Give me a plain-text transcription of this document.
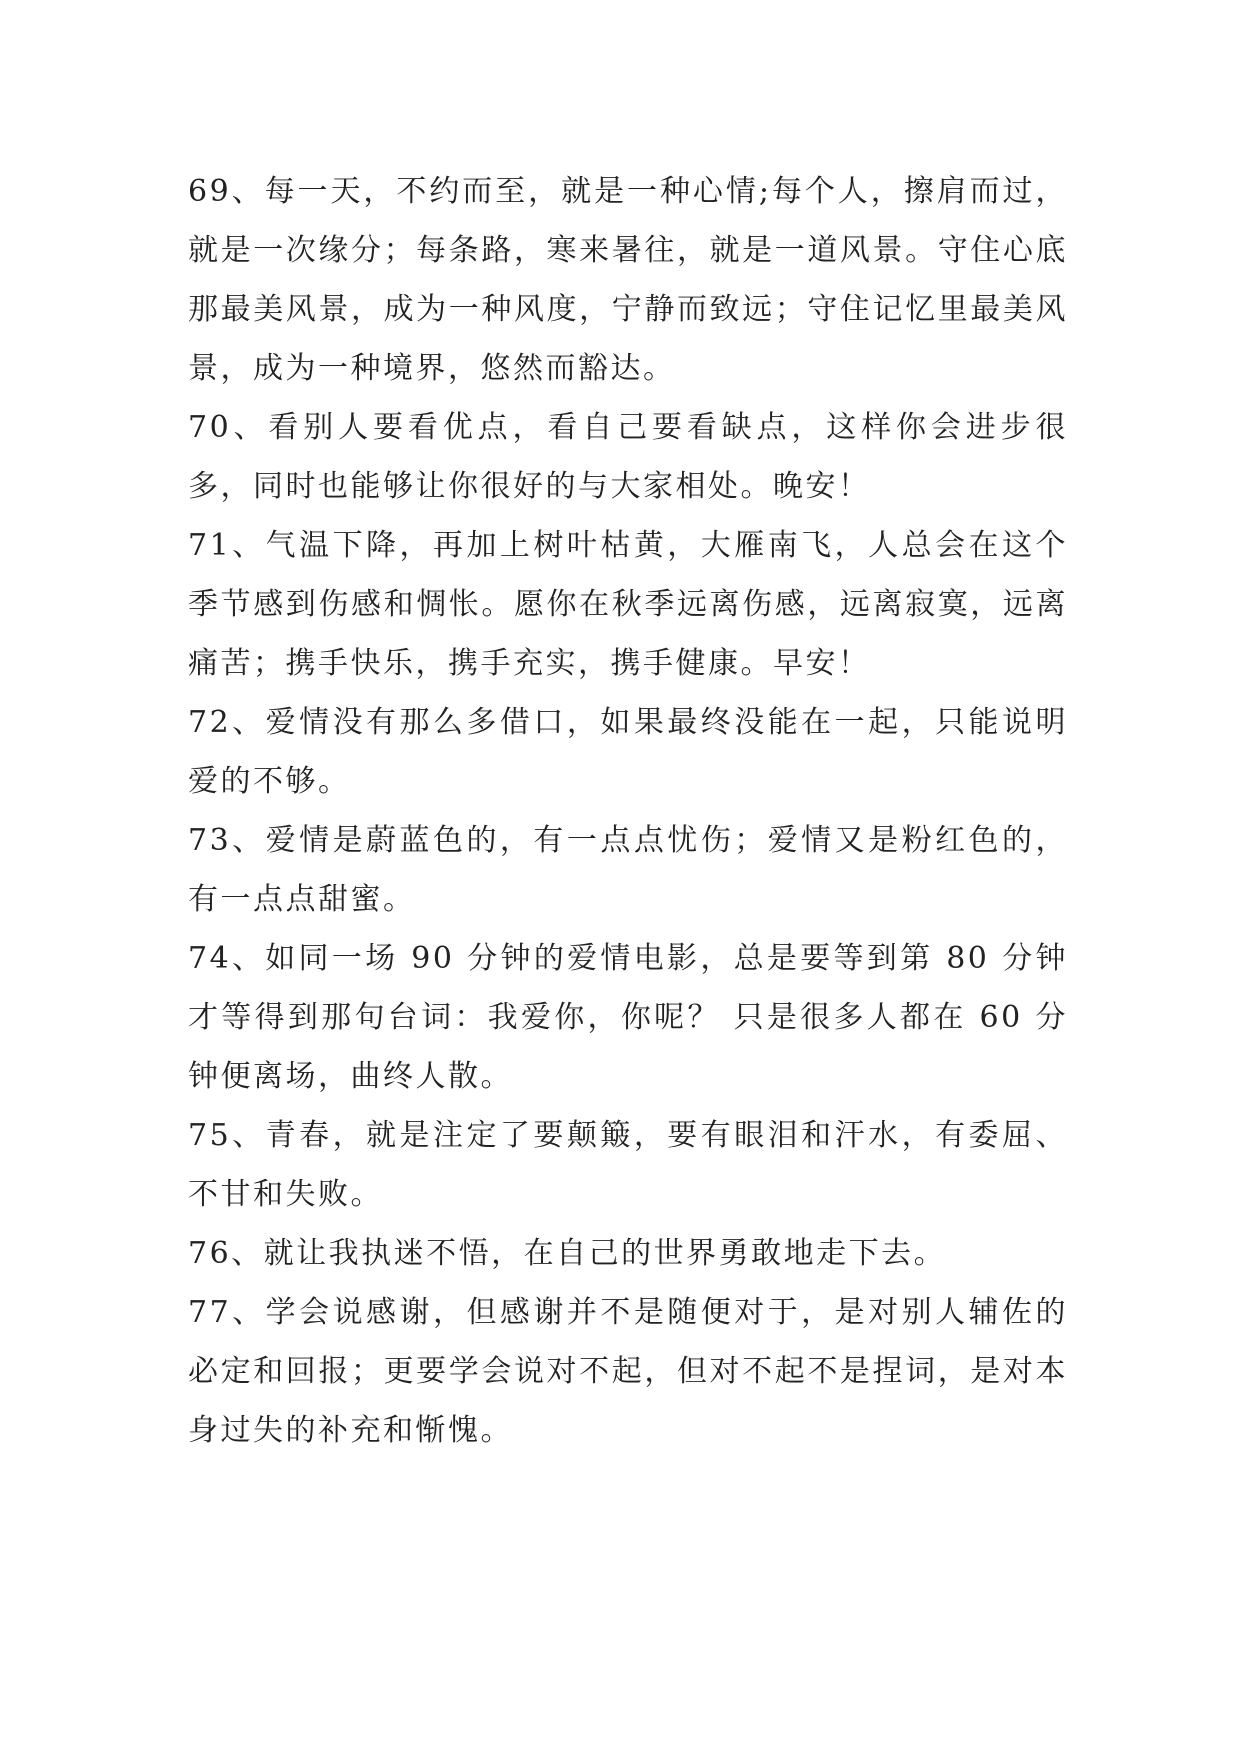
69、每一天，不约而至，就是一种心情;每个人，擦肩而过，就是一次缘分；每条路，寒来暑往，就是一道风景。守住心底那最美风景，成为一种风度，宁静而致远；守住记忆里最美风景，成为一种境界，悠然而豁达。

70、看别人要看优点，看自己要看缺点，这样你会进步很多，同时也能够让你很好的与大家相处。晚安！

71、气温下降，再加上树叶枯黄，大雁南飞，人总会在这个季节感到伤感和惆怅。愿你在秋季远离伤感，远离寂寞，远离痛苦；携手快乐，携手充实，携手健康。早安！

72、爱情没有那么多借口，如果最终没能在一起，只能说明爱的不够。

73、爱情是蔚蓝色的，有一点点忧伤；爱情又是粉红色的，有一点点甜蜜。

74、如同一场 90 分钟的爱情电影，总是要等到第 80 分钟才等得到那句台词：我爱你，你呢？ 只是很多人都在 60 分钟便离场，曲终人散。

75、青春，就是注定了要颠簸，要有眼泪和汗水，有委屈、不甘和失败。

76、就让我执迷不悟，在自己的世界勇敢地走下去。

77、学会说感谢，但感谢并不是随便对于，是对别人辅佐的必定和回报；更要学会说对不起，但对不起不是捏词，是对本身过失的补充和惭愧。
